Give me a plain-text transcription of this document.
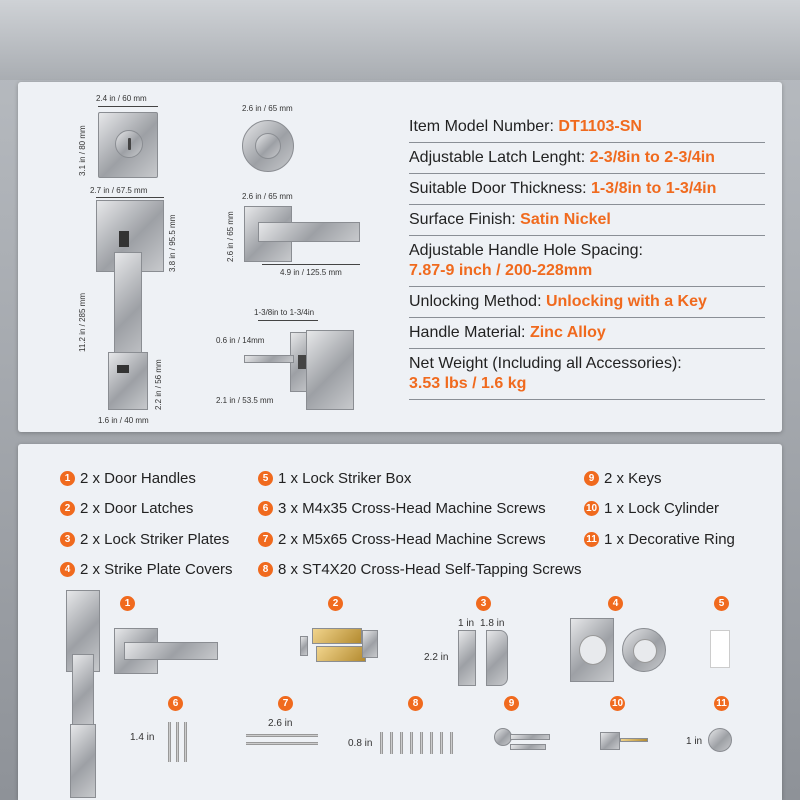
2.4 in / 60 mm
3.1 in / 80 mm
2.7 in / 67.5 mm
3.8 in / 95.5 mm
11.2 in / 285 mm
2.2 in / 56 mm
1.6 in / 40 mm
2.6 in / 65 mm
2.6 in / 65 mm
2.6 in / 65 mm
4.9 in / 125.5 mm
1-3/8in to 1-3/4in
0.6 in / 14mm
2.1 in / 53.5 mm
Item Model Number: DT1103-SN
Adjustable Latch Lenght: 2-3/8in to 2-3/4in
Suitable Door Thickness: 1-3/8in to 1-3/4in
Surface Finish: Satin Nickel
Adjustable Handle Hole Spacing:
7.87-9 inch / 200-228mm
Unlocking Method: Unlocking with a Key
Handle Material: Zinc Alloy
Net Weight (Including all Accessories):
3.53 lbs / 1.6 kg
1 2 x Door Handles
2 2 x Door Latches
3 2 x Lock Striker Plates
4 2 x Strike Plate Covers
5 1 x Lock Striker Box
6 3 x M4x35 Cross-Head Machine Screws
7 2 x M5x65 Cross-Head Machine Screws
8 8 x ST4X20 Cross-Head Self-Tapping Screws
9 2 x Keys
10 1 x Lock Cylinder
11 1 x Decorative Ring
1	2	3
1 in 1.8 in
2.2 in
4	5
6
1.4 in
7
2.6 in
8
0.8 in
9	10	11
1 in
